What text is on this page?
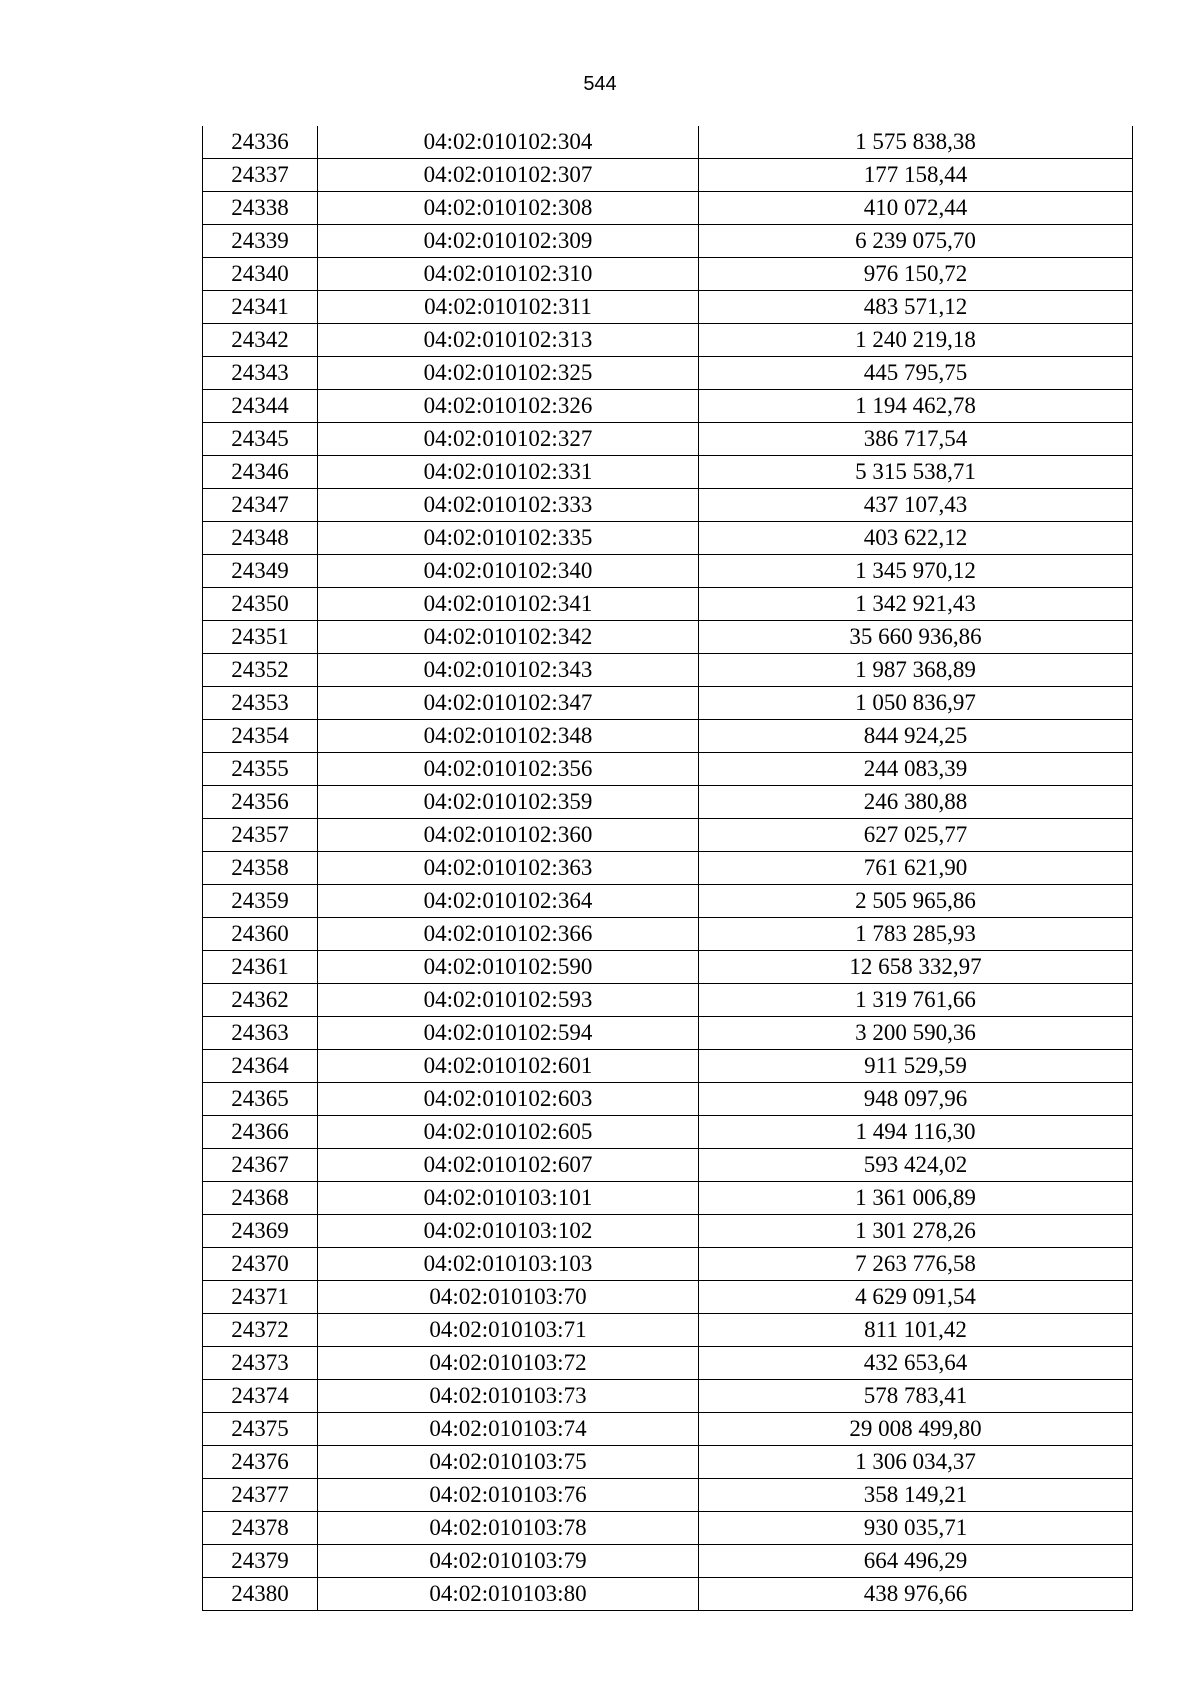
544
24336	04:02:010102:304	1 575 838,38
24337	04:02:010102:307	177 158,44
24338	04:02:010102:308	410 072,44
24339	04:02:010102:309	6 239 075,70
24340	04:02:010102:310	976 150,72
24341	04:02:010102:311	483 571,12
24342	04:02:010102:313	1 240 219,18
24343	04:02:010102:325	445 795,75
24344	04:02:010102:326	1 194 462,78
24345	04:02:010102:327	386 717,54
24346	04:02:010102:331	5 315 538,71
24347	04:02:010102:333	437 107,43
24348	04:02:010102:335	403 622,12
24349	04:02:010102:340	1 345 970,12
24350	04:02:010102:341	1 342 921,43
24351	04:02:010102:342	35 660 936,86
24352	04:02:010102:343	1 987 368,89
24353	04:02:010102:347	1 050 836,97
24354	04:02:010102:348	844 924,25
24355	04:02:010102:356	244 083,39
24356	04:02:010102:359	246 380,88
24357	04:02:010102:360	627 025,77
24358	04:02:010102:363	761 621,90
24359	04:02:010102:364	2 505 965,86
24360	04:02:010102:366	1 783 285,93
24361	04:02:010102:590	12 658 332,97
24362	04:02:010102:593	1 319 761,66
24363	04:02:010102:594	3 200 590,36
24364	04:02:010102:601	911 529,59
24365	04:02:010102:603	948 097,96
24366	04:02:010102:605	1 494 116,30
24367	04:02:010102:607	593 424,02
24368	04:02:010103:101	1 361 006,89
24369	04:02:010103:102	1 301 278,26
24370	04:02:010103:103	7 263 776,58
24371	04:02:010103:70	4 629 091,54
24372	04:02:010103:71	811 101,42
24373	04:02:010103:72	432 653,64
24374	04:02:010103:73	578 783,41
24375	04:02:010103:74	29 008 499,80
24376	04:02:010103:75	1 306 034,37
24377	04:02:010103:76	358 149,21
24378	04:02:010103:78	930 035,71
24379	04:02:010103:79	664 496,29
24380	04:02:010103:80	438 976,66
